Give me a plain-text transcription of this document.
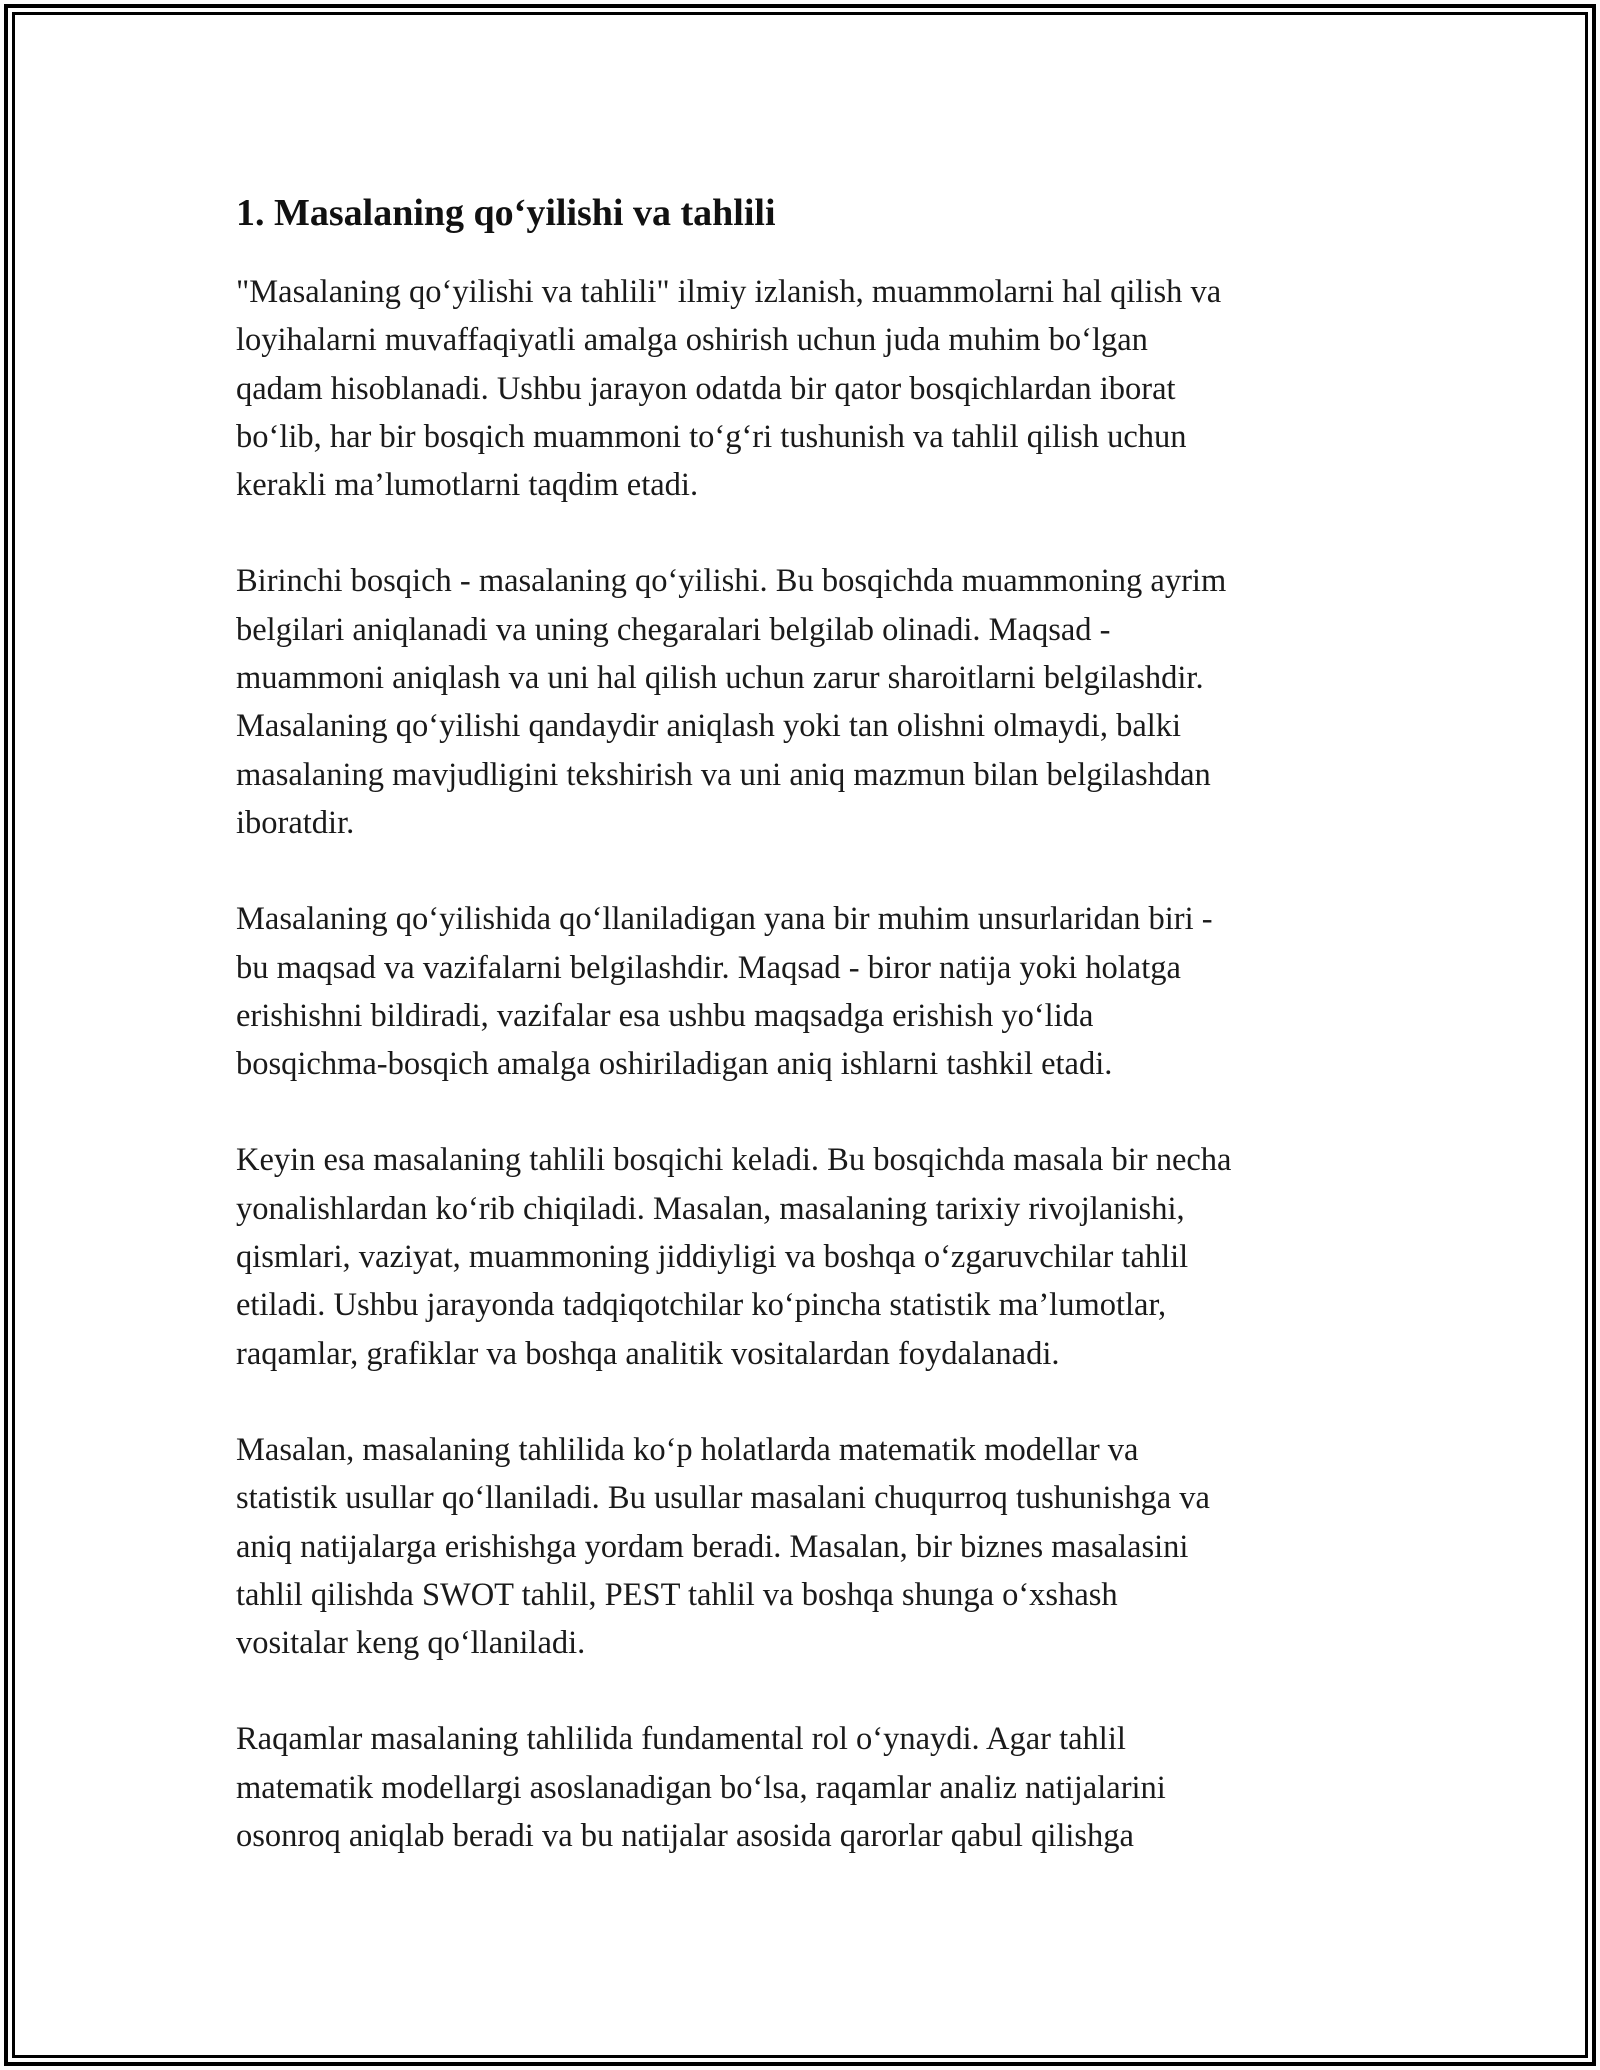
1. Masalaning qo‘yilishi va tahlili

"Masalaning qo‘yilishi va tahlili" ilmiy izlanish, muammolarni hal qilish va
loyihalarni muvaffaqiyatli amalga oshirish uchun juda muhim bo‘lgan
qadam hisoblanadi. Ushbu jarayon odatda bir qator bosqichlardan iborat
bo‘lib, har bir bosqich muammoni to‘g‘ri tushunish va tahlil qilish uchun
kerakli ma’lumotlarni taqdim etadi.

Birinchi bosqich - masalaning qo‘yilishi. Bu bosqichda muammoning ayrim
belgilari aniqlanadi va uning chegaralari belgilab olinadi. Maqsad -
muammoni aniqlash va uni hal qilish uchun zarur sharoitlarni belgilashdir.
Masalaning qo‘yilishi qandaydir aniqlash yoki tan olishni olmaydi, balki
masalaning mavjudligini tekshirish va uni aniq mazmun bilan belgilashdan
iboratdir.

Masalaning qo‘yilishida qo‘llaniladigan yana bir muhim unsurlaridan biri -
bu maqsad va vazifalarni belgilashdir. Maqsad - biror natija yoki holatga
erishishni bildiradi, vazifalar esa ushbu maqsadga erishish yo‘lida
bosqichma-bosqich amalga oshiriladigan aniq ishlarni tashkil etadi.

Keyin esa masalaning tahlili bosqichi keladi. Bu bosqichda masala bir necha
yonalishlardan ko‘rib chiqiladi. Masalan, masalaning tarixiy rivojlanishi,
qismlari, vaziyat, muammoning jiddiyligi va boshqa o‘zgaruvchilar tahlil
etiladi. Ushbu jarayonda tadqiqotchilar ko‘pincha statistik ma’lumotlar,
raqamlar, grafiklar va boshqa analitik vositalardan foydalanadi.

Masalan, masalaning tahlilida ko‘p holatlarda matematik modellar va
statistik usullar qo‘llaniladi. Bu usullar masalani chuqurroq tushunishga va
aniq natijalarga erishishga yordam beradi. Masalan, bir biznes masalasini
tahlil qilishda SWOT tahlil, PEST tahlil va boshqa shunga o‘xshash
vositalar keng qo‘llaniladi.

Raqamlar masalaning tahlilida fundamental rol o‘ynaydi. Agar tahlil
matematik modellargi asoslanadigan bo‘lsa, raqamlar analiz natijalarini
osonroq aniqlab beradi va bu natijalar asosida qarorlar qabul qilishga
